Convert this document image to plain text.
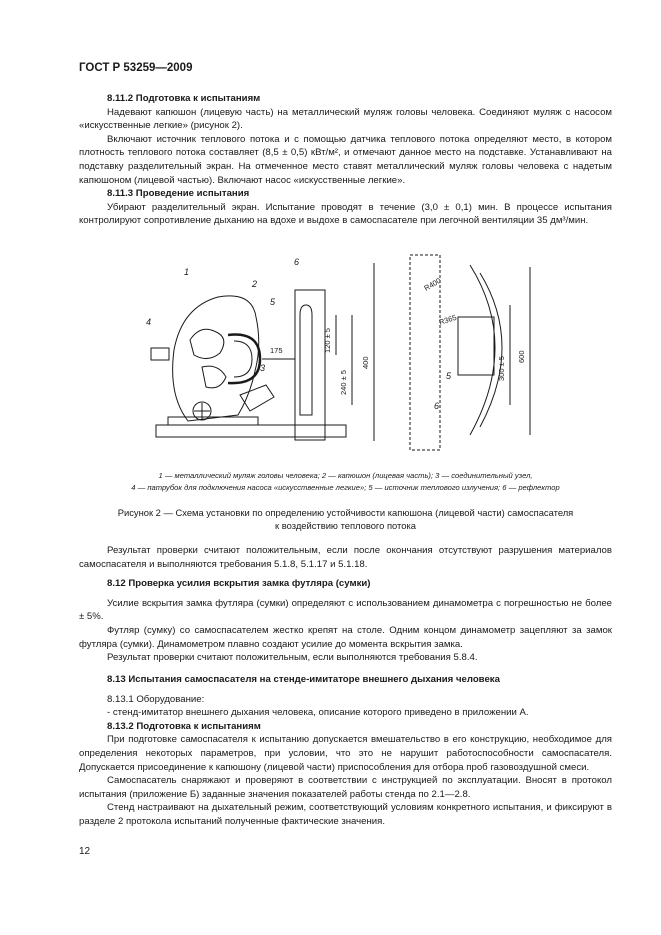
ГОСТ Р 53259—2009

8.11.2 Подготовка к испытаниям

Надевают капюшон (лицевую часть) на металлический муляж головы человека. Соединяют муляж с насосом «искусственные легкие» (рисунок 2).

Включают источник теплового потока и с помощью датчика теплового потока определяют место, в котором плотность теплового потока составляет (8,5 ± 0,5) кВт/м², и отмечают данное место на подставке. Устанавливают на подставку разделительный экран. На отмеченное место ставят металлический муляж головы человека с надетым капюшоном (лицевой частью). Включают насос «искусственные легкие».

8.11.3 Проведение испытания

Убирают разделительный экран. Испытание проводят в течение (3,0 ± 0,1) мин. В процессе испытания контролируют сопротивление дыханию на вдохе и выдохе в самоспасателе при легочной вентиляции 35 дм³/мин.

1
2
3
4
5
6
5
6
175	120 ± 5
240 ± 5
400
R400
R365
300 ± 5 600
1 — металлический муляж головы человека; 2 — капюшон (лицевая часть); 3 — соединительный узел,
4 — патрубок для подключения насоса «искусственные легкие»; 5 — источник теплового излучения; 6 — рефлектор
Рисунок 2 — Схема установки по определению устойчивости капюшона (лицевой части) самоспасателя
к воздействию теплового потока

Результат проверки считают положительным, если после окончания отсутствуют разрушения материалов самоспасателя и выполняются требования 5.1.8, 5.1.17 и 5.1.18.

8.12 Проверка усилия вскрытия замка футляра (сумки)

Усилие вскрытия замка футляра (сумки) определяют с использованием динамометра с погрешностью не более ± 5%.

Футляр (сумку) со самоспасателем жестко крепят на столе. Одним концом динамометр зацепляют за замок футляра (сумки). Динамометром плавно создают усилие до момента вскрытия замка.

Результат проверки считают положительным, если выполняются требования 5.8.4.

8.13 Испытания самоспасателя на стенде-имитаторе внешнего дыхания человека

8.13.1 Оборудование:

- стенд-имитатор внешнего дыхания человека, описание которого приведено в приложении А.

8.13.2 Подготовка к испытаниям

При подготовке самоспасателя к испытанию допускается вмешательство в его конструкцию, необходимое для определения некоторых параметров, при условии, что это не нарушит работоспособности самоспасателя. Допускается присоединение к капюшону (лицевой части) приспособления для отбора проб газовоздушной смеси.

Самоспасатель снаряжают и проверяют в соответствии с инструкцией по эксплуатации. Вносят в протокол испытания (приложение Б) заданные значения показателей работы стенда по 2.1—2.8.

Стенд настраивают на дыхательный режим, соответствующий условиям конкретного испытания, и фиксируют в разделе 2 протокола испытаний полученные фактические значения.

12
